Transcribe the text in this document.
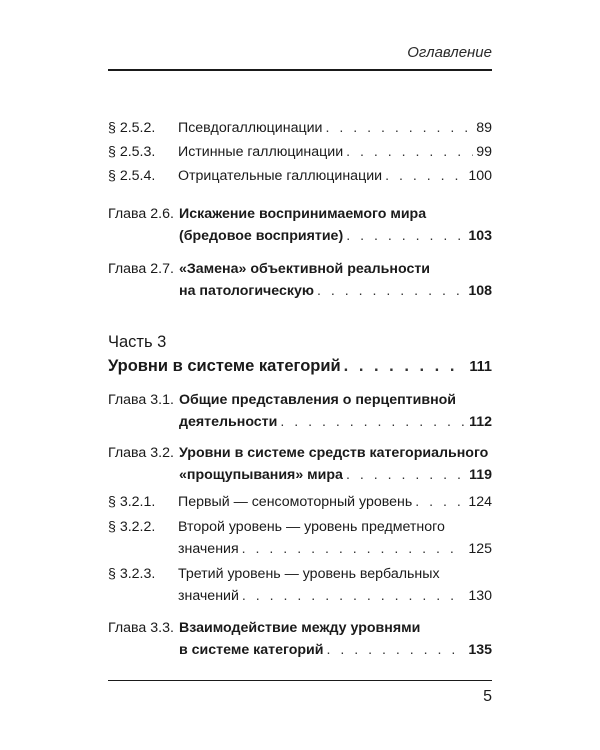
Оглавление
§ 2.5.2.	Псевдогаллюцинации . . .	89
§ 2.5.3.	Истинные галлюцинации . . .	99
§ 2.5.4.	Отрицательные галлюцинации . . .	100
Глава 2.6. Искажение воспринимаемого мира
(бредовое восприятие) . . .	103
Глава 2.7. «Замена» объективной реальности
на патологическую . . .	108
Часть 3
Уровни в системе категорий . . .	111
Глава 3.1. Общие представления о перцептивной
деятельности . . .	112
Глава 3.2. Уровни в системе средств категориального
«прощупывания» мира . . .	119
§ 3.2.1.	Первый — сенсомоторный уровень . . .	124
§ 3.2.2.	Второй уровень — уровень предметного
значения . . .	125
§ 3.2.3.	Третий уровень — уровень вербальных
значений . . .	130
Глава 3.3. Взаимодействие между уровнями
в системе категорий . . .	135
5
